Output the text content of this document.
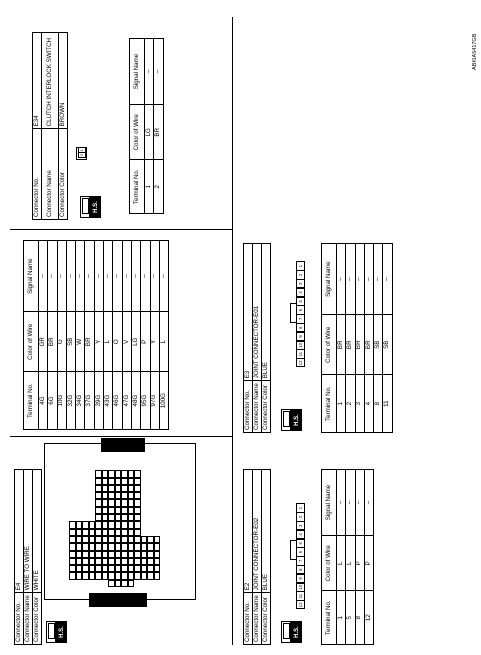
Connector No.	E2
Connector Name	JOINT CONNECTOR-E02
Connector Color	BLUE
H.S.
12
11
10
9
8
7
6
5
4
3
2
1
Terminal No.	Color of Wire	Signal Name
1	L	–
5	L	–
8	P	–
12	P	–
Connector No.	E4
Connector Name	WIRE TO WIRE
Connector Color	WHITE
H.S.
Connector No.	E3
Connector Name	JOINT CONNECTOR-E01
Connector Color	BLUE
H.S.
12
11
10
9
8
7
6
5
4
3
2
1
Terminal No.	Color of Wire	Signal Name
1	BR	–
2	BR	–
3	BR	–
4	BR	–
8	SB	–
11	SB	–
Terminal No.	Color of Wire	Signal Name
4G	GR	–
6G	BR	–
10G	G	–
32G	SB	–
34G	W	–
37G	BR	–
39G	Y	–
43G	L	–
46G	O	–
47G	V	–
48G	LG	–
95G	P	–
97G	Y	–
100G	L	–
Connector No.	E34
Connector Name	CLUTCH INTERLOCK SWITCH
Connector Color	BROWN
H.S.
2
1
Terminal No.	Color of Wire	Signal Name
1	LG	–
2	BR	–
ABKIA5417GB
